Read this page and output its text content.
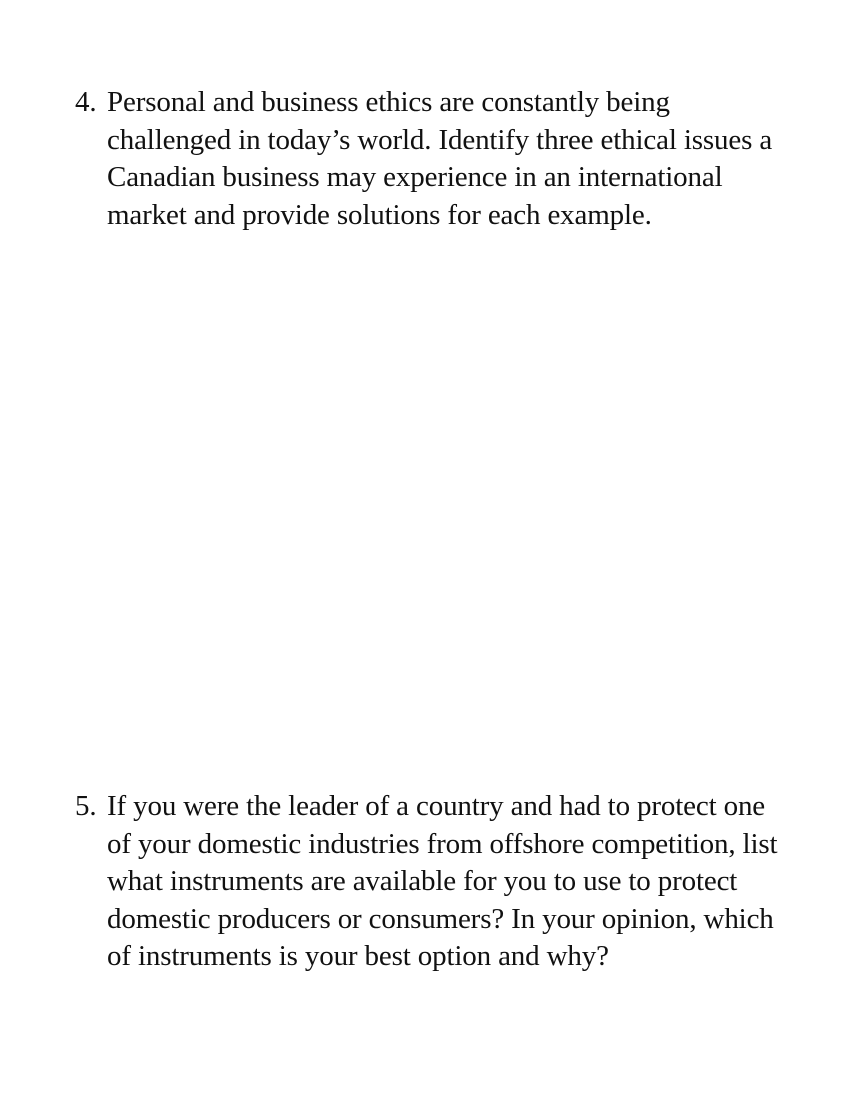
4. Personal and business ethics are constantly being
challenged in today’s world. Identify three ethical issues a
Canadian business may experience in an international
market and provide solutions for each example.
5. If you were the leader of a country and had to protect one
of your domestic industries from offshore competition, list
what instruments are available for you to use to protect
domestic producers or consumers? In your opinion, which
of instruments is your best option and why?
